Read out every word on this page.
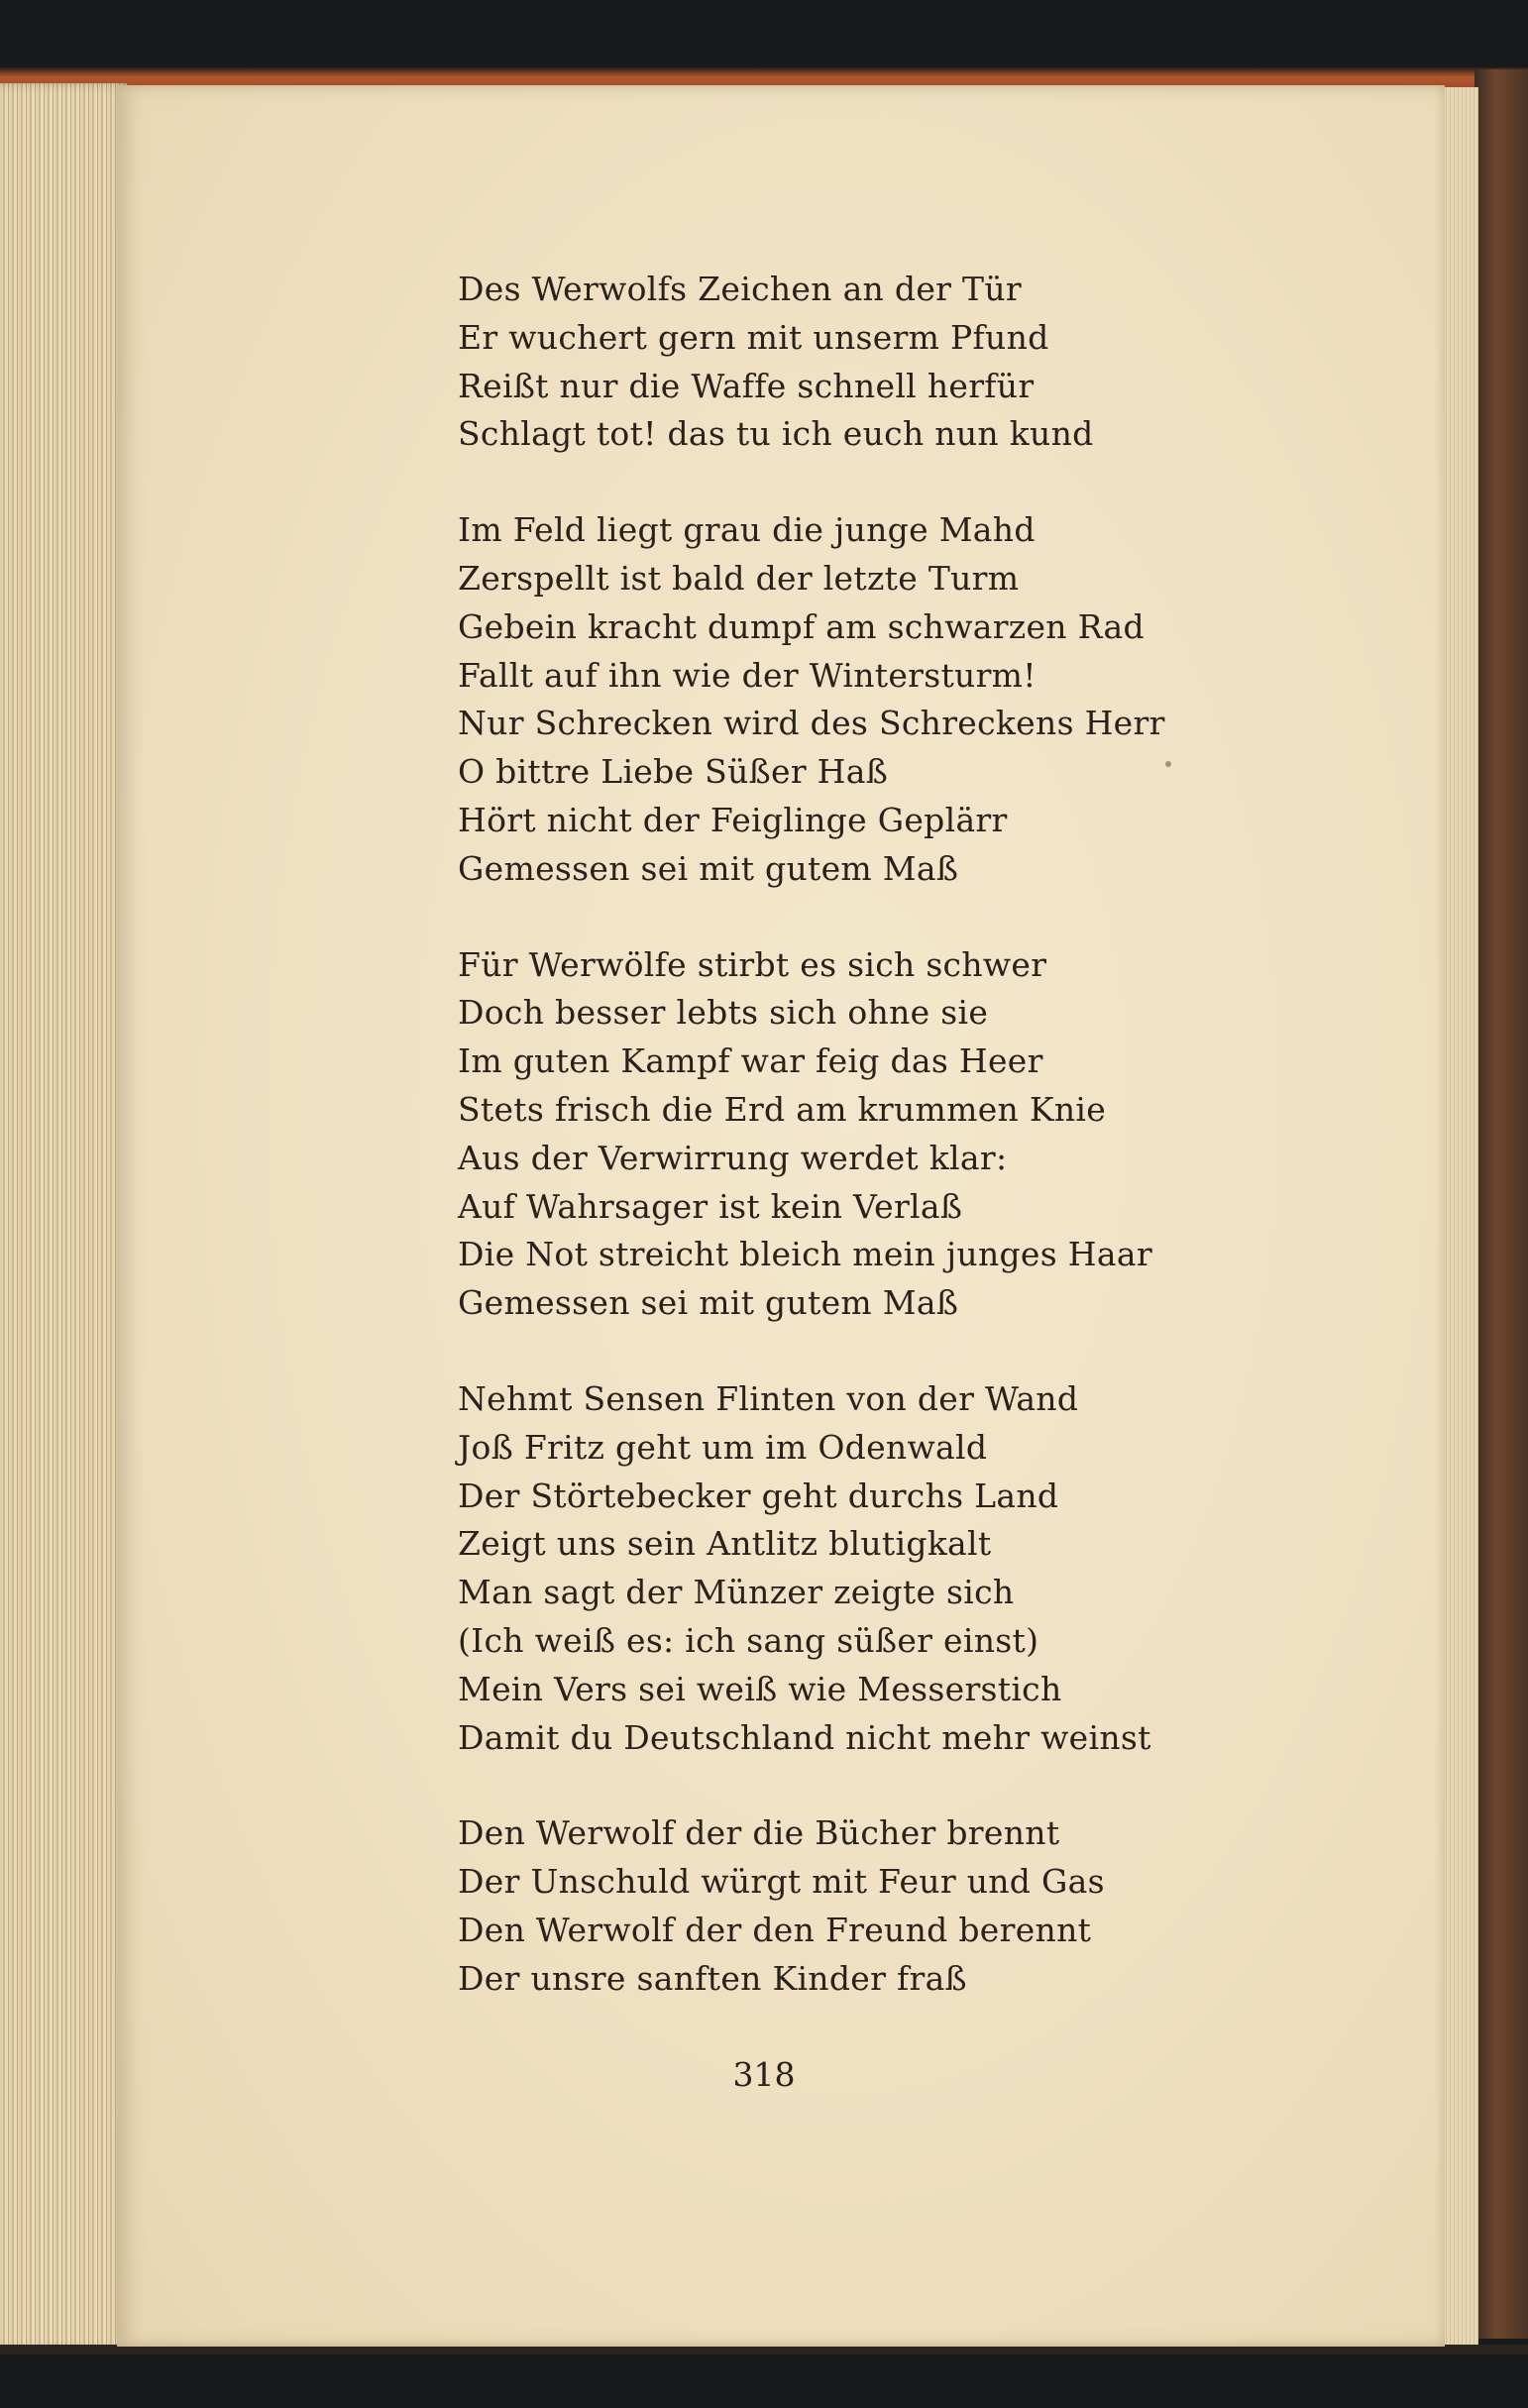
Des Werwolfs Zeichen an der Tür
Er wuchert gern mit unserm Pfund
Reißt nur die Waffe schnell herfür
Schlagt tot! das tu ich euch nun kund
Im Feld liegt grau die junge Mahd
Zerspellt ist bald der letzte Turm
Gebein kracht dumpf am schwarzen Rad
Fallt auf ihn wie der Wintersturm!
Nur Schrecken wird des Schreckens Herr
O bittre Liebe Süßer Haß
Hört nicht der Feiglinge Geplärr
Gemessen sei mit gutem Maß
Für Werwölfe stirbt es sich schwer
Doch besser lebts sich ohne sie
Im guten Kampf war feig das Heer
Stets frisch die Erd am krummen Knie
Aus der Verwirrung werdet klar:
Auf Wahrsager ist kein Verlaß
Die Not streicht bleich mein junges Haar
Gemessen sei mit gutem Maß
Nehmt Sensen Flinten von der Wand
Joß Fritz geht um im Odenwald
Der Störtebecker geht durchs Land
Zeigt uns sein Antlitz blutigkalt
Man sagt der Münzer zeigte sich
(Ich weiß es: ich sang süßer einst)
Mein Vers sei weiß wie Messerstich
Damit du Deutschland nicht mehr weinst
Den Werwolf der die Bücher brennt
Der Unschuld würgt mit Feur und Gas
Den Werwolf der den Freund berennt
Der unsre sanften Kinder fraß
318
